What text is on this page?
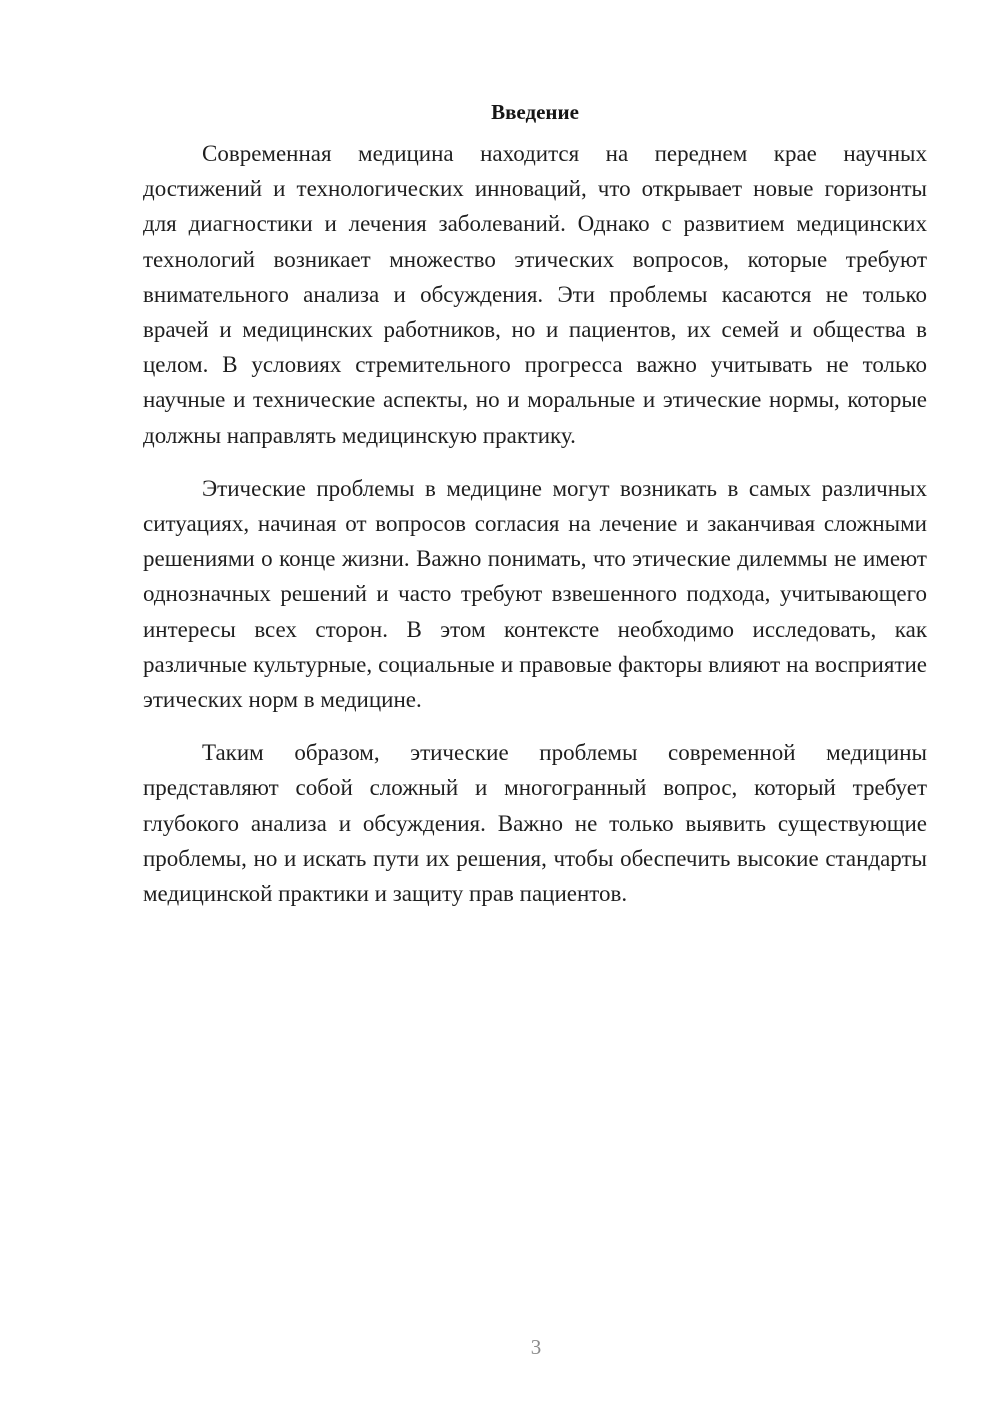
Введение

Современная медицина находится на переднем крае научных достижений и технологических инноваций, что открывает новые горизонты для диагностики и лечения заболеваний. Однако с развитием медицинских технологий возникает множество этических вопросов, которые требуют внимательного анализа и обсуждения. Эти проблемы касаются не только врачей и медицинских работников, но и пациентов, их семей и общества в целом. В условиях стремительного прогресса важно учитывать не только научные и технические аспекты, но и моральные и этические нормы, которые должны направлять медицинскую практику.

Этические проблемы в медицине могут возникать в самых различных ситуациях, начиная от вопросов согласия на лечение и заканчивая сложными решениями о конце жизни. Важно понимать, что этические дилеммы не имеют однозначных решений и часто требуют взвешенного подхода, учитывающего интересы всех сторон. В этом контексте необходимо исследовать, как различные культурные, социальные и правовые факторы влияют на восприятие этических норм в медицине.

Таким образом, этические проблемы современной медицины представляют собой сложный и многогранный вопрос, который требует глубокого анализа и обсуждения. Важно не только выявить существующие проблемы, но и искать пути их решения, чтобы обеспечить высокие стандарты медицинской практики и защиту прав пациентов.

3
